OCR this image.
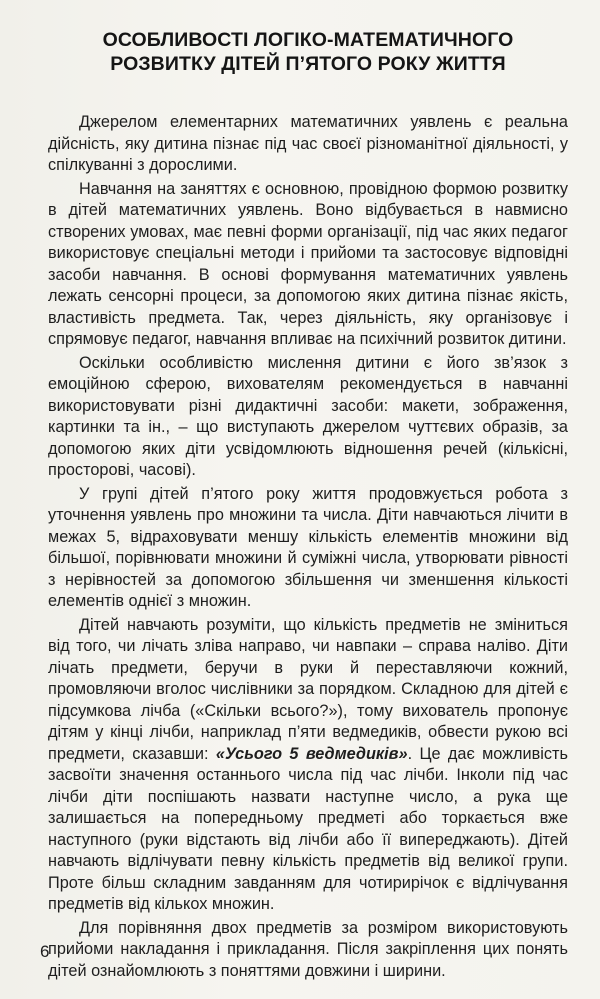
ОСОБЛИВОСТІ ЛОГІКО-МАТЕМАТИЧНОГО
РОЗВИТКУ ДІТЕЙ П’ЯТОГО РОКУ ЖИТТЯ

Джерелом елементарних математичних уявлень є реальна дійсність, яку дитина пізнає під час своєї різноманітної діяльності, у спілкуванні з дорослими.

Навчання на заняттях є основною, провідною формою розвитку в дітей математичних уявлень. Воно відбувається в навмисно створених умовах, має певні форми організації, під час яких педагог використовує спеціальні методи і прийоми та застосовує відповідні засоби навчання. В основі формування математичних уявлень лежать сенсорні процеси, за допомогою яких дитина пізнає якість, властивість предмета. Так, через діяльність, яку організовує і спрямовує педагог, навчання впливає на психічний розвиток дитини.

Оскільки особливістю мислення дитини є його зв’язок з емоційною сферою, вихователям рекомендується в навчанні використовувати різні дидактичні засоби: макети, зображення, картинки та ін., – що виступають джерелом чуттєвих образів, за допомогою яких діти усвідомлюють відношення речей (кількісні, просторові, часові).

У групі дітей п’ятого року життя продовжується робота з уточнення уявлень про множини та числа. Діти навчаються лічити в межах 5, відраховувати меншу кількість елементів множини від більшої, порівнювати множини й суміжні числа, утворювати рівності з нерівностей за допомогою збільшення чи зменшення кількості елементів однієї з множин.

Дітей навчають розуміти, що кількість предметів не зміниться від того, чи лічать зліва направо, чи навпаки – справа наліво. Діти лічать предмети, беручи в руки й переставляючи кожний, промовляючи вголос числівники за порядком. Складною для дітей є підсумкова лічба («Скільки всього?»), тому вихователь пропонує дітям у кінці лічби, наприклад п’яти ведмедиків, обвести рукою всі предмети, сказавши: «Усього 5 ведмедиків». Це дає можливість засвоїти значення останнього числа під час лічби. Інколи під час лічби діти поспішають назвати наступне число, а рука ще залишається на попередньому предметі або торкається вже наступного (руки відстають від лічби або її випереджають). Дітей навчають відлічувати певну кількість предметів від великої групи. Проте більш складним завданням для чотирирічок є відлічування предметів від кількох множин.

Для порівняння двох предметів за розміром використовують прийоми накладання і прикладання. Після закріплення цих понять дітей ознайомлюють з поняттями довжини і ширини.

6
